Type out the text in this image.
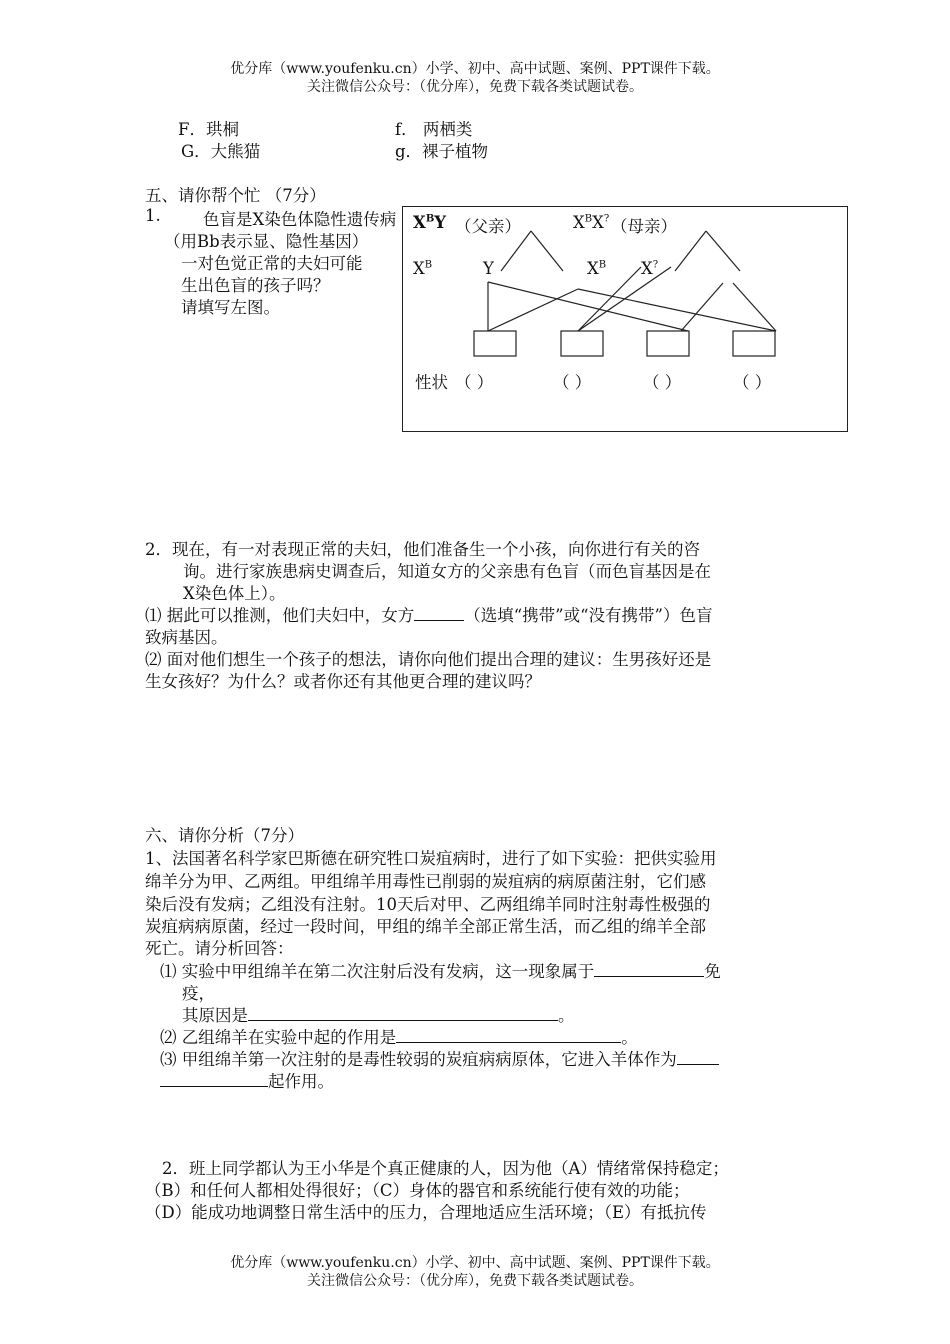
优分库（www.youfenku.cn）小学、初中、高中试题、案例、PPT课件下载。
关注微信公众号：（优分库），免费下载各类试题试卷。
F．珙桐	f． 两栖类
G．大熊猫	g．裸子植物
五、请你帮个忙 （7分）
1.	色盲是X染色体隐性遗传病
（用Bb表示显、隐性基因）
一对色觉正常的夫妇可能
生出色盲的孩子吗？
请填写左图。
$X^BY$ （父亲）	$X^BX^?$ （母亲）
$X^B$	Y	$X^B$ X?
性状 （ ）	（ ）	（ ）	（ ）
2．现在，有一对表现正常的夫妇，他们准备生一个小孩，向你进行有关的咨
询。进行家族患病史调查后，知道女方的父亲患有色盲（而色盲基因是在
X染色体上）。
⑴ 据此可以推测，他们夫妇中，女方	（选填“携带”或“没有携带”）色盲
致病基因。
⑵ 面对他们想生一个孩子的想法，请你向他们提出合理的建议：生男孩好还是
生女孩好？为什么？或者你还有其他更合理的建议吗？
六、请你分析（7分）
1、法国著名科学家巴斯德在研究牲口炭疽病时，进行了如下实验：把供实验用
绵羊分为甲、乙两组。甲组绵羊用毒性已削弱的炭疽病的病原菌注射，它们感
染后没有发病；乙组没有注射。10天后对甲、乙两组绵羊同时注射毒性极强的
炭疽病病原菌，经过一段时间，甲组的绵羊全部正常生活，而乙组的绵羊全部
死亡。请分析回答：
⑴ 实验中甲组绵羊在第二次注射后没有发病，这一现象属于	免
疫，
其原因是	。
⑵ 乙组绵羊在实验中起的作用是	。
⑶ 甲组绵羊第一次注射的是毒性较弱的炭疽病病原体，它进入羊体作为
起作用。
2．班上同学都认为王小华是个真正健康的人，因为他（A）情绪常保持稳定；
（B）和任何人都相处得很好；（C）身体的器官和系统能行使有效的功能；
（D）能成功地调整日常生活中的压力，合理地适应生活环境；（E）有抵抗传
优分库（www.youfenku.cn）小学、初中、高中试题、案例、PPT课件下载。
关注微信公众号：（优分库），免费下载各类试题试卷。
